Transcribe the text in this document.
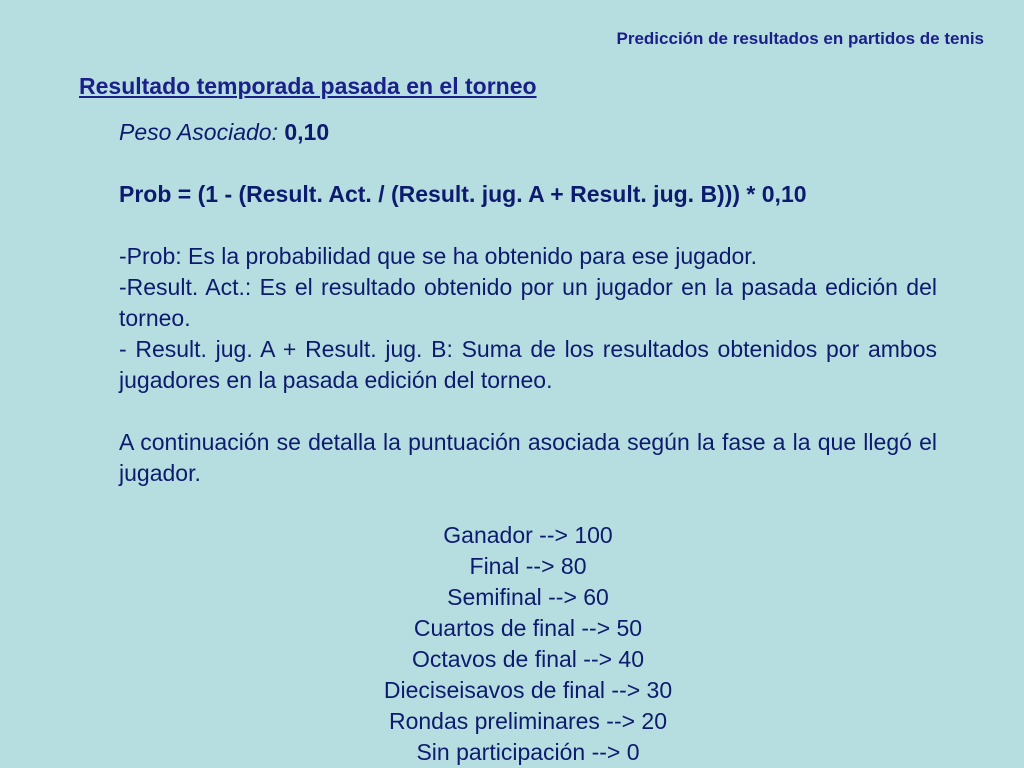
Predicción de resultados en partidos de tenis
Resultado temporada pasada en el torneo

Peso Asociado: 0,10

Prob = (1 - (Result. Act. / (Result. jug. A + Result. jug. B))) * 0,10

-Prob: Es la probabilidad que se ha obtenido para ese jugador.

-Result. Act.: Es el resultado obtenido por un jugador en la pasada edición del torneo.

- Result. jug. A + Result. jug. B: Suma de los resultados obtenidos por ambos jugadores en la pasada edición del torneo.

A continuación se detalla la puntuación asociada según la fase a la que llegó el jugador.

Ganador --> 100
Final --> 80
Semifinal --> 60
Cuartos de final --> 50
Octavos de final --> 40
Dieciseisavos de final --> 30
Rondas preliminares --> 20
Sin participación --> 0
